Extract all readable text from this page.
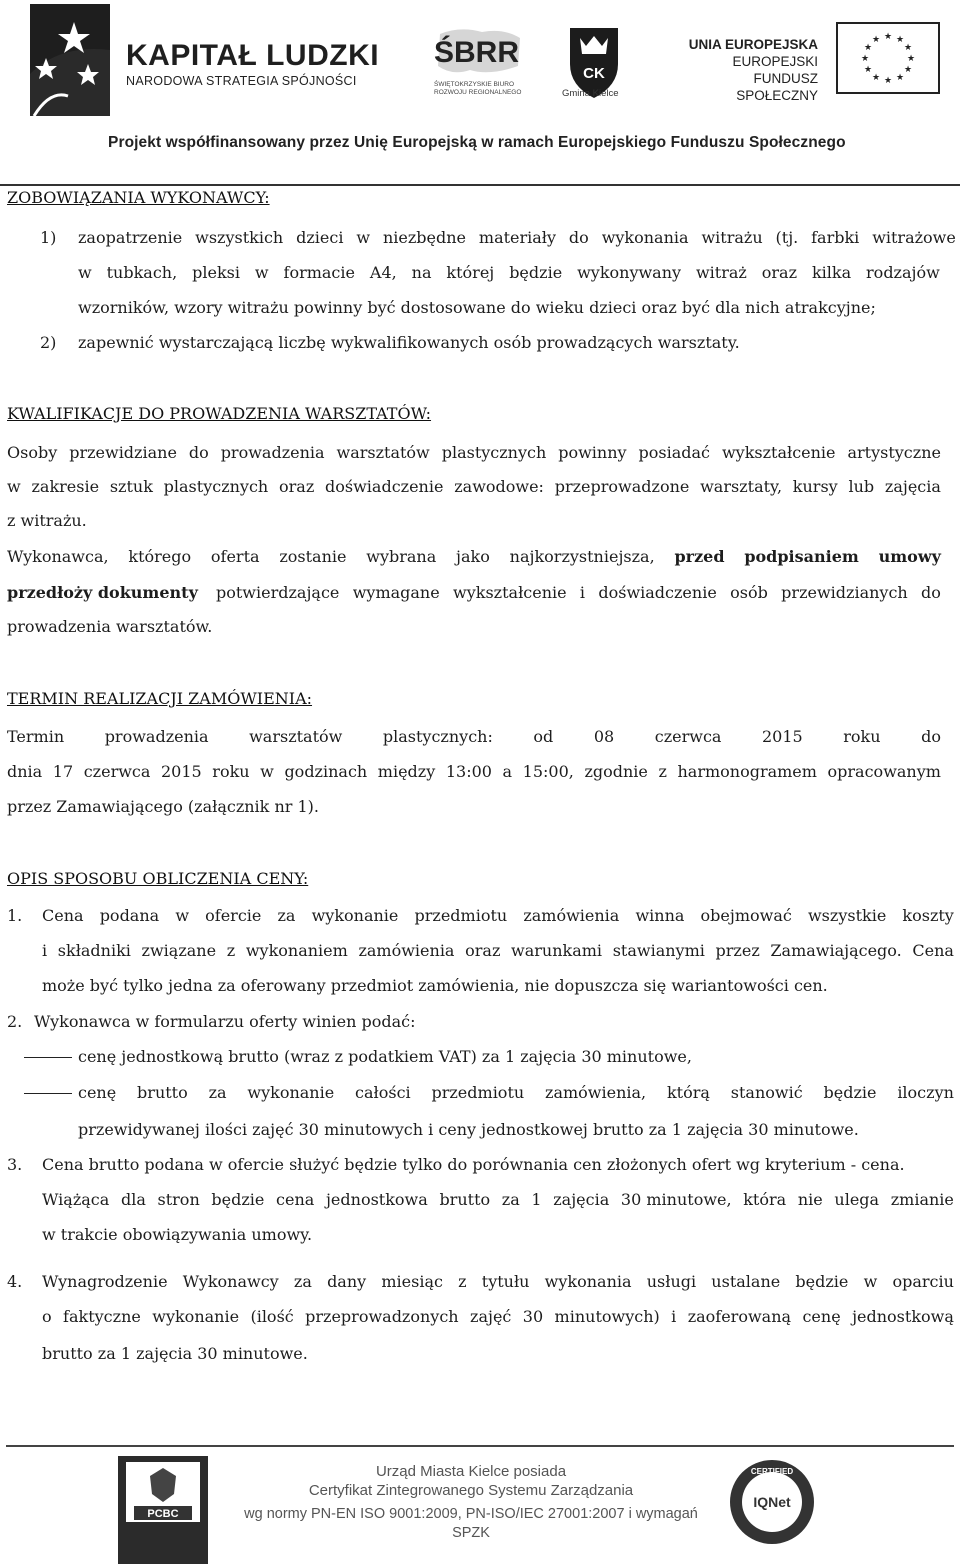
KAPITAŁ LUDZKI
NARODOWA STRATEGIA SPÓJNOŚCI
ŚBRR
ŚWIĘTOKRZYSKIE BIURO
ROZWOJU REGIONALNEGO
CK
Gmina Kielce
UNIA EUROPEJSKA
EUROPEJSKI
FUNDUSZ SPOŁECZNY
★ ★
★
★
★
★
★
★
★
★
★
★
Projekt współfinansowany przez Unię Europejską w ramach Europejskiego Funduszu Społecznego
ZOBOWIĄZANIA WYKONAWCY:
1) zaopatrzenie wszystkich dzieci w niezbędne materiały do wykonania witrażu (tj. farbki witrażowe
w tubkach, pleksi w formacie A4, na której będzie wykonywany witraż oraz kilka rodzajów
wzorników, wzory witrażu powinny być dostosowane do wieku dzieci oraz być dla nich atrakcyjne;
2) zapewnić wystarczającą liczbę wykwalifikowanych osób prowadzących warsztaty.
KWALIFIKACJE DO PROWADZENIA WARSZTATÓW:
Osoby przewidziane do prowadzenia warsztatów plastycznych powinny posiadać wykształcenie artystyczne
w zakresie sztuk plastycznych oraz doświadczenie zawodowe: przeprowadzone warsztaty, kursy lub zajęcia
z witrażu.
Wykonawca, którego oferta zostanie wybrana jako najkorzystniejsza, przed podpisaniem umowy
przedłoży dokumenty potwierdzające wymagane wykształcenie i doświadczenie osób przewidzianych do
prowadzenia warsztatów.
TERMIN REALIZACJI ZAMÓWIENIA:
Termin	prowadzenia	warsztatów	plastycznych:	od	08	czerwca	2015	roku	do
dnia 17 czerwca 2015 roku w godzinach między 13:00 a 15:00, zgodnie z harmonogramem opracowanym
przez Zamawiającego (załącznik nr 1).
OPIS SPOSOBU OBLICZENIA CENY:
1. Cena podana w ofercie za wykonanie przedmiotu zamówienia winna obejmować wszystkie koszty
i składniki związane z wykonaniem zamówienia oraz warunkami stawianymi przez Zamawiającego. Cena
może być tylko jedna za oferowany przedmiot zamówienia, nie dopuszcza się wariantowości cen.
2. Wykonawca w formularzu oferty winien podać:
cenę jednostkową brutto (wraz z podatkiem VAT) za 1 zajęcia 30 minutowe,
cenę brutto za wykonanie całości przedmiotu zamówienia, którą stanowić będzie iloczyn
przewidywanej ilości zajęć 30 minutowych i ceny jednostkowej brutto za 1 zajęcia 30 minutowe.
3. Cena brutto podana w ofercie służyć będzie tylko do porównania cen złożonych ofert wg kryterium - cena.
Wiążąca dla stron będzie cena jednostkowa brutto za 1 zajęcia 30 minutowe, która nie ulega zmianie
w trakcie obowiązywania umowy.
4. Wynagrodzenie Wykonawcy za dany miesiąc z tytułu wykonania usługi ustalane będzie w oparciu
o faktyczne wykonanie (ilość przeprowadzonych zajęć 30 minutowych) i zaoferowaną cenę jednostkową
brutto za 1 zajęcia 30 minutowe.
PCBC
Urząd Miasta Kielce posiada
Certyfikat Zintegrowanego Systemu Zarządzania
wg normy PN-EN ISO 9001:2009, PN-ISO/IEC 27001:2007 i wymagań SPZK
CERTIFIED
IQNet
